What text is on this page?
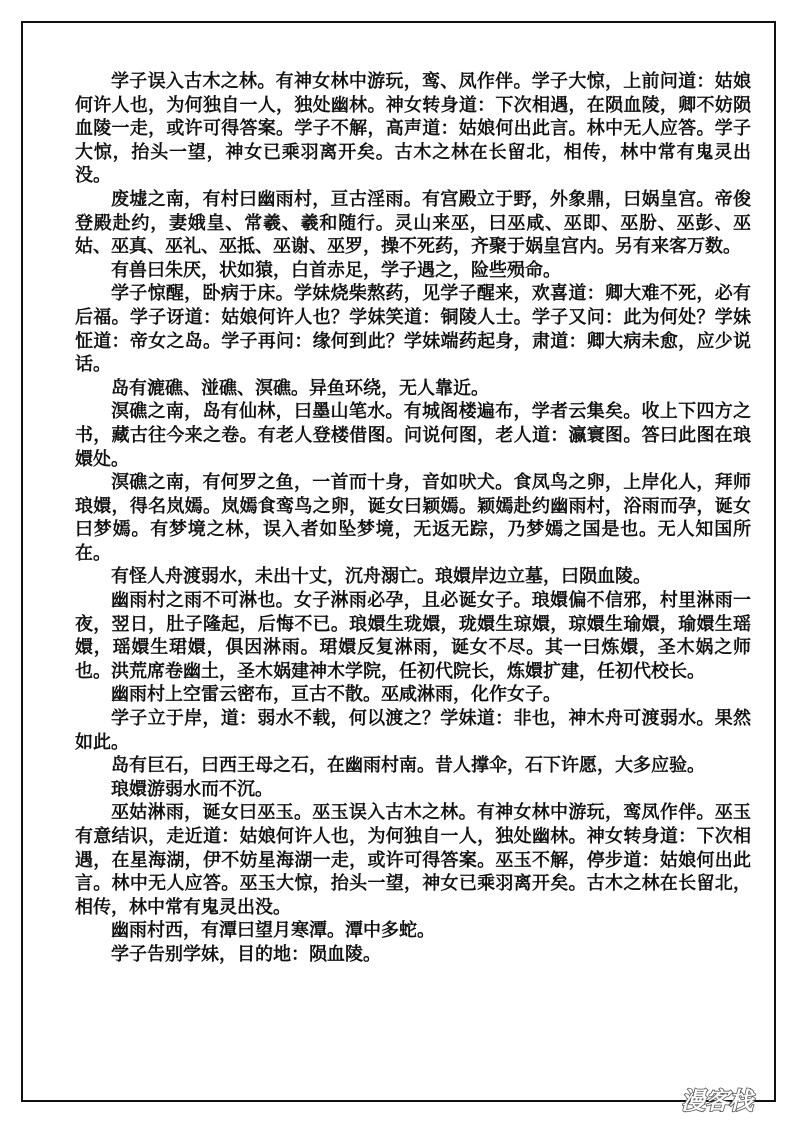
学子误入古木之林。有神女林中游玩，鸾、凤作伴。学子大惊，上前问道：姑娘何许人也，为何独自一人，独处幽林。神女转身道：下次相遇，在陨血陵，卿不妨陨血陵一走，或许可得答案。学子不解，高声道：姑娘何出此言。林中无人应答。学子大惊，抬头一望，神女已乘羽离开矣。古木之林在长留北，相传，林中常有鬼灵出没。

废墟之南，有村曰幽雨村，亘古淫雨。有宫殿立于野，外象鼎，曰娲皇宫。帝俊登殿赴约，妻娥皇、常羲、羲和随行。灵山来巫，曰巫咸、巫即、巫朌、巫彭、巫姑、巫真、巫礼、巫抵、巫谢、巫罗，操不死药，齐聚于娲皇宫内。另有来客万数。

有兽曰朱厌，状如猿，白首赤足，学子遇之，险些殒命。

学子惊醒，卧病于床。学妹烧柴熬药，见学子醒来，欢喜道：卿大难不死，必有后福。学子讶道：姑娘何许人也？学妹笑道：铜陵人士。学子又问：此为何处？学妹怔道：帝女之岛。学子再问：缘何到此？学妹端药起身，肃道：卿大病未愈，应少说话。

岛有漉礁、湴礁、溟礁。异鱼环绕，无人靠近。

溟礁之南，岛有仙林，曰墨山笔水。有城阁楼遍布，学者云集矣。收上下四方之书，藏古往今来之卷。有老人登楼借图。问说何图，老人道：瀛寰图。答曰此图在琅嬛处。

溟礁之南，有何罗之鱼，一首而十身，音如吠犬。食凤鸟之卵，上岸化人，拜师琅嬛，得名岚嫣。岚嫣食鸾鸟之卵，诞女曰颖嫣。颖嫣赴约幽雨村，浴雨而孕，诞女曰梦嫣。有梦境之林，误入者如坠梦境，无返无踪，乃梦嫣之国是也。无人知国所在。

有怪人舟渡弱水，未出十丈，沉舟溺亡。琅嬛岸边立墓，曰陨血陵。

幽雨村之雨不可淋也。女子淋雨必孕，且必诞女子。琅嬛偏不信邪，村里淋雨一夜，翌日，肚子隆起，后悔不已。琅嬛生珑嬛，珑嬛生琼嬛，琼嬛生瑜嬛，瑜嬛生瑶嬛，瑶嬛生珺嬛，俱因淋雨。珺嬛反复淋雨，诞女不尽。其一曰炼嬛，圣木娲之师也。洪荒席卷幽土，圣木娲建神木学院，任初代院长，炼嬛扩建，任初代校长。

幽雨村上空雷云密布，亘古不散。巫咸淋雨，化作女子。

学子立于岸，道：弱水不载，何以渡之？学妹道：非也，神木舟可渡弱水。果然如此。

岛有巨石，曰西王母之石，在幽雨村南。昔人撑伞，石下许愿，大多应验。

琅嬛游弱水而不沉。

巫姑淋雨，诞女曰巫玉。巫玉误入古木之林。有神女林中游玩，鸾凤作伴。巫玉有意结识，走近道：姑娘何许人也，为何独自一人，独处幽林。神女转身道：下次相遇，在星海湖，伊不妨星海湖一走，或许可得答案。巫玉不解，停步道：姑娘何出此言。林中无人应答。巫玉大惊，抬头一望，神女已乘羽离开矣。古木之林在长留北，相传，林中常有鬼灵出没。

幽雨村西，有潭曰望月寒潭。潭中多蛇。

学子告别学妹，目的地：陨血陵。

漫客栈
